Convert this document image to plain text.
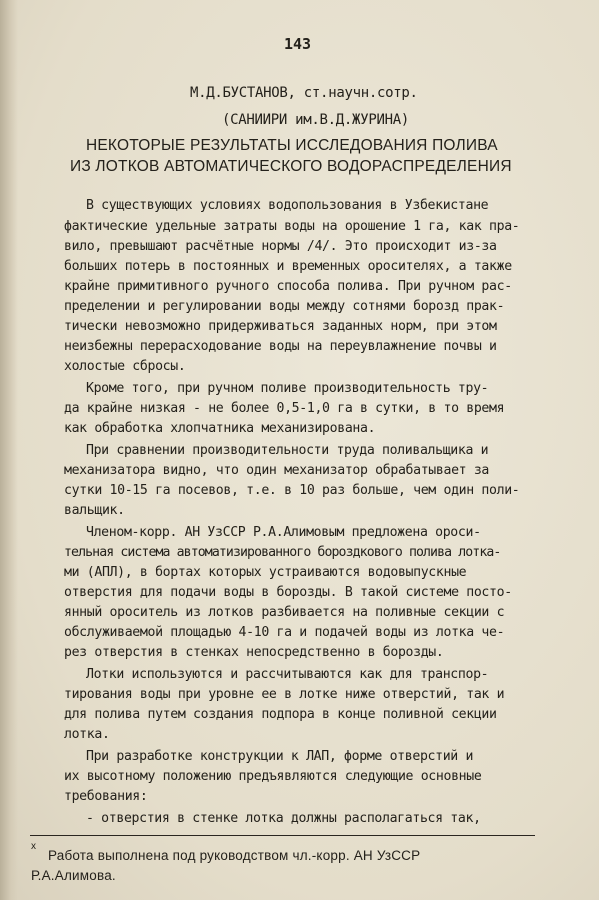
143
М.Д.БУСТАНОВ, ст.научн.сотр.
(САНИИРИ им.В.Д.ЖУРИНА)
НЕКОТОРЫЕ РЕЗУЛЬТАТЫ ИССЛЕДОВАНИЯ ПОЛИВА
ИЗ ЛОТКОВ АВТОМАТИЧЕСКОГО ВОДОРАСПРЕДЕЛЕНИЯ
В существующих условиях водопользования в Узбекистане
фактические удельные затраты воды на орошение 1 га, как пра-
вило, превышают расчётные нормы /4/. Это происходит из-за
больших потерь в постоянных и временных оросителях, а также
крайне примитивного ручного способа полива. При ручном рас-
пределении и регулировании воды между сотнями борозд прак-
тически невозможно придерживаться заданных норм, при этом
неизбежны перерасходование воды на переувлажнение почвы и
холостые сбросы.
Кроме того, при ручном поливе производительность тру-
да крайне низкая - не более 0,5-1,0 га в сутки, в то время
как обработка хлопчатника механизирована.
При сравнении производительности труда поливальщика и
механизатора видно, что один механизатор обрабатывает за
сутки 10-15 га посевов, т.е. в 10 раз больше, чем один поли-
вальщик.
Членом-корр. АН УзССР Р.А.Алимовым предложена ороси-
тельная система автоматизированного бороздкового полива лотка-
ми (АПЛ), в бортах которых устраиваются водовыпускные
отверстия для подачи воды в борозды. В такой системе посто-
янный ороситель из лотков разбивается на поливные секции с
обслуживаемой площадью 4-10 га и подачей воды из лотка че-
рез отверстия в стенках непосредственно в борозды.
Лотки используются и рассчитываются как для транспор-
тирования воды при уровне ее в лотке ниже отверстий, так и
для полива путем создания подпора в конце поливной секции
лотка.
При разработке конструкции к ЛАП, форме отверстий и
их высотному положению предъявляются следующие основные
требования:
- отверстия в стенке лотка должны располагаться так,
x
Работа выполнена под руководством чл.-корр. АН УзССР
Р.А.Алимова.
